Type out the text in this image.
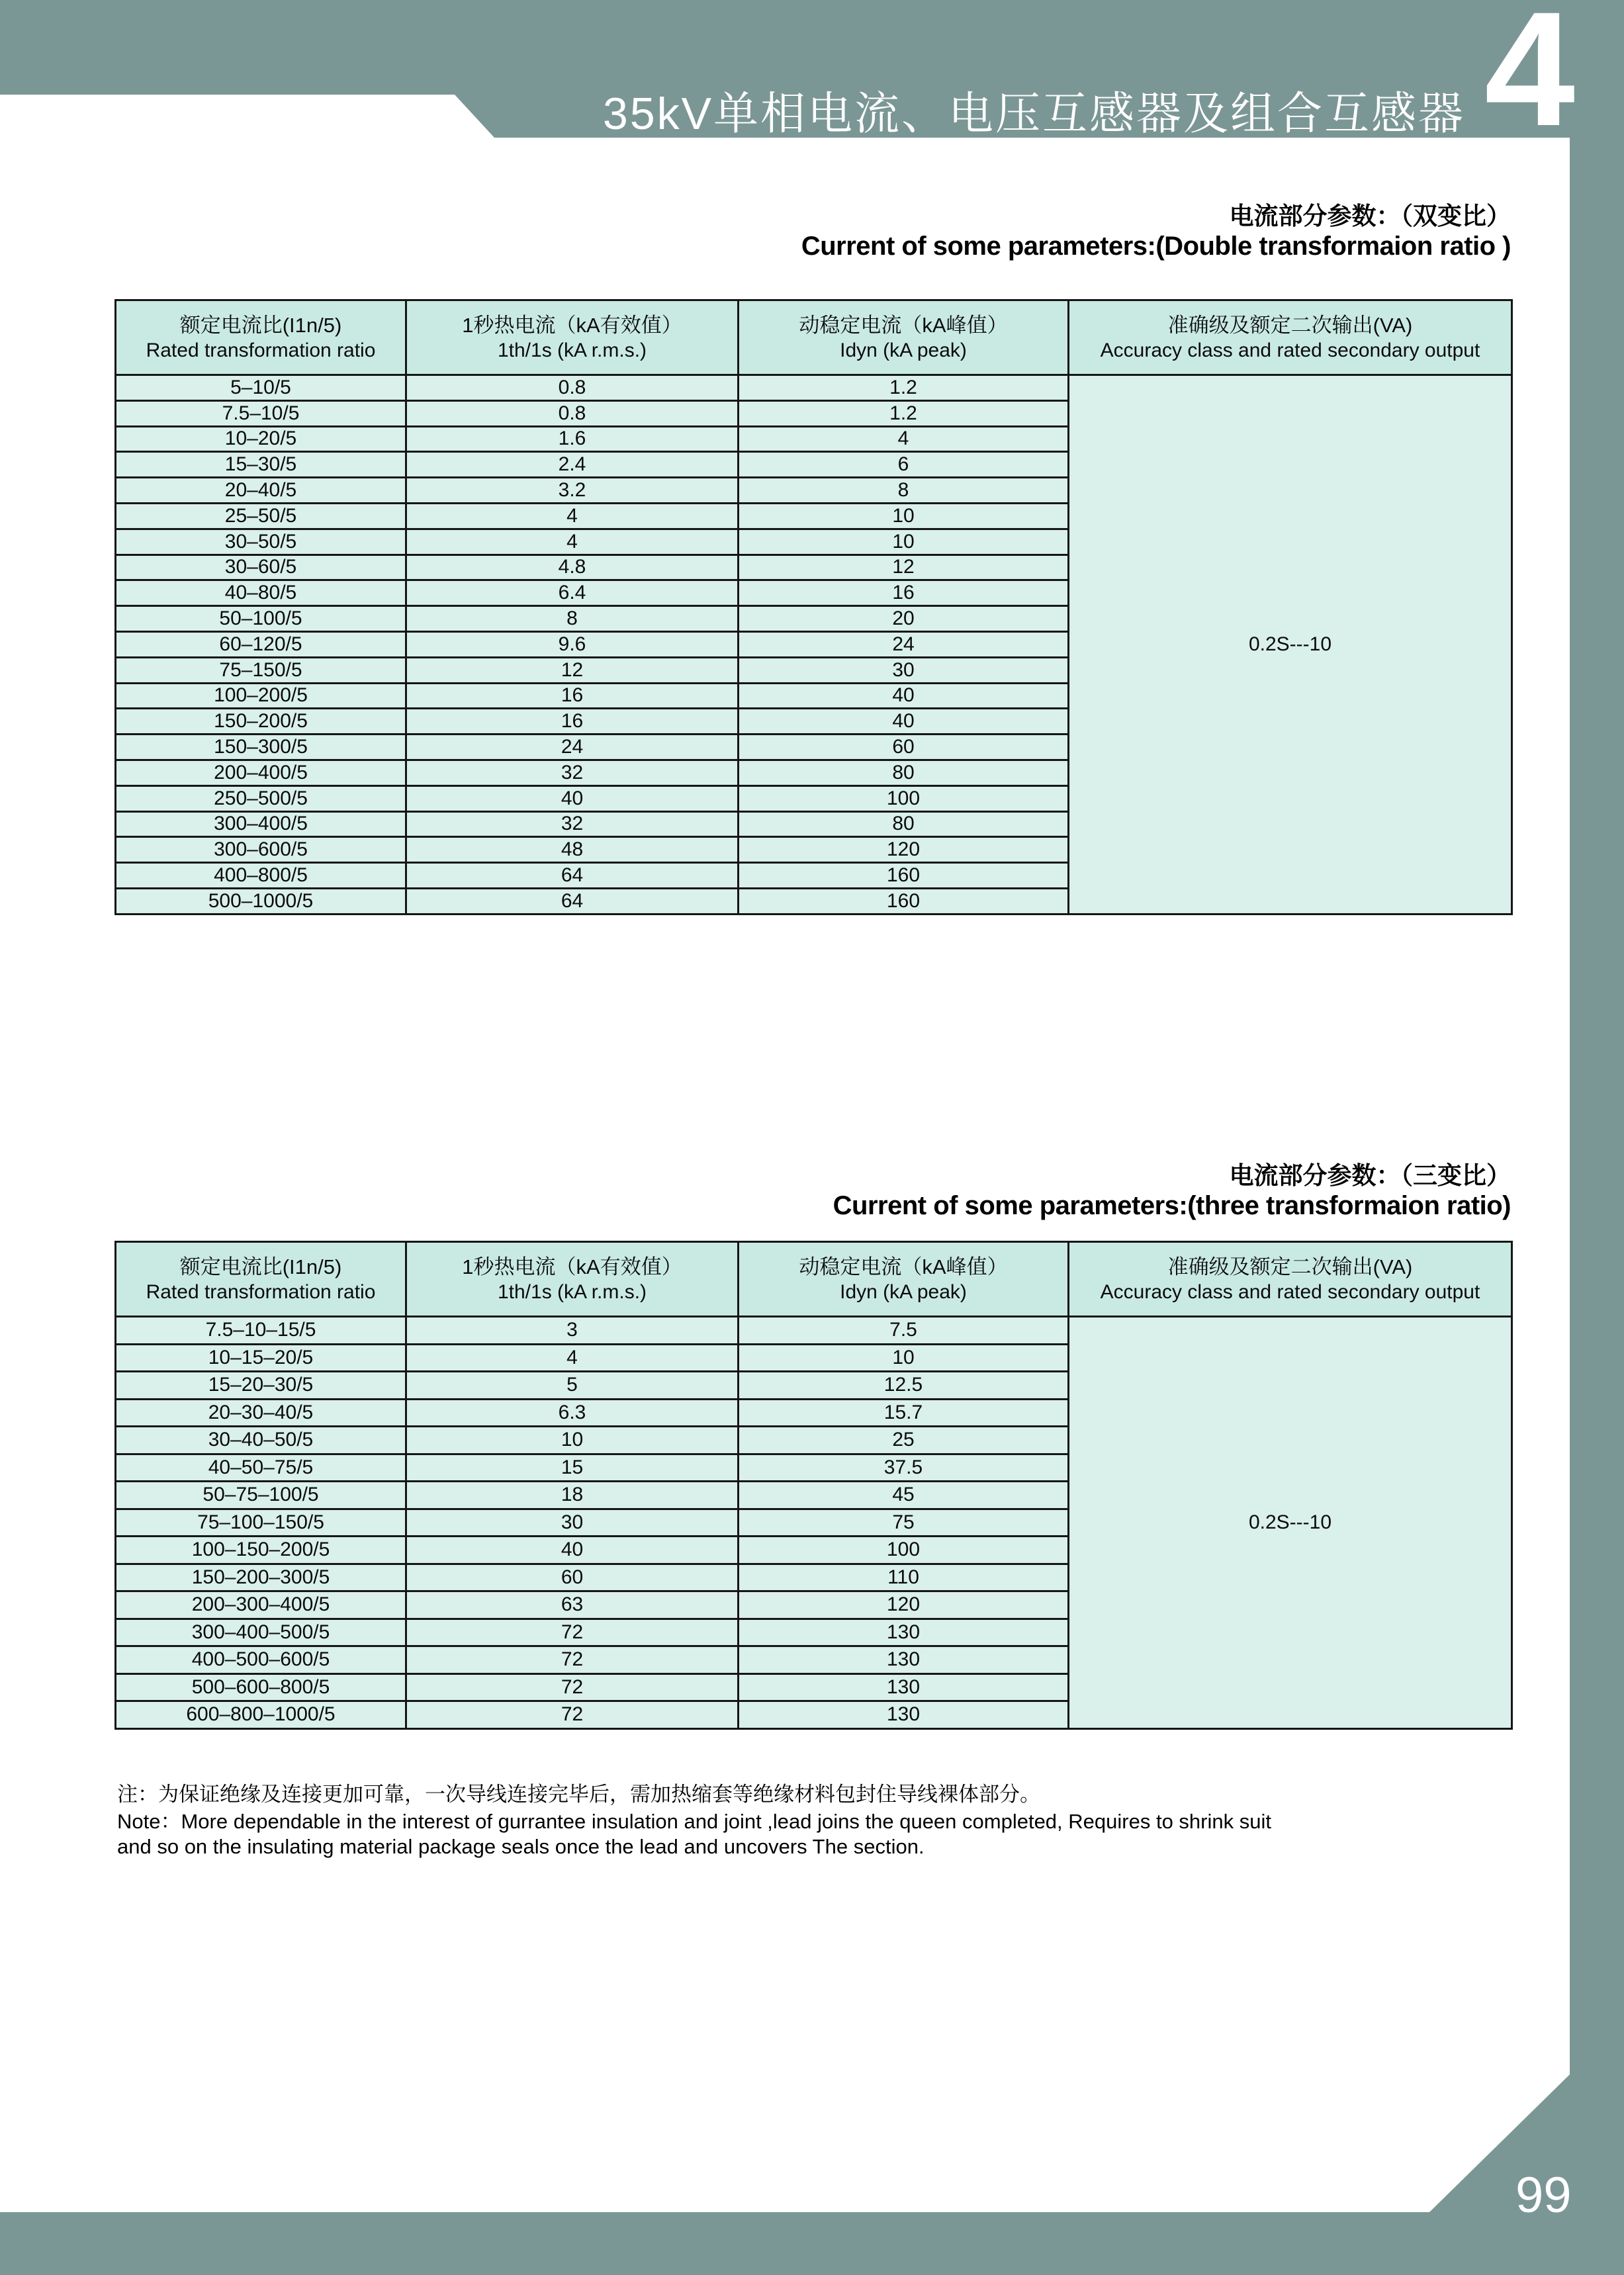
35kV单相电流、电压互感器及组合互感器 4
电流部分参数：（双变比）
Current of some parameters:(Double transformaion ratio )
额定电流比(I1n/5)
Rated transformation ratio

1秒热电流（kA有效值）
1th/1s (kA r.m.s.)

动稳定电流（kA峰值）
Idyn (kA peak)

准确级及额定二次输出(VA)
Accuracy class and rated secondary output

5–10/5	0.8	1.2	0.2S---10
7.5–10/5	0.8	1.2	
10–20/5	1.6	4	
15–30/5	2.4	6	
20–40/5	3.2	8	
25–50/5	4	10	
30–50/5	4	10	
30–60/5	4.8	12	
40–80/5	6.4	16	
50–100/5	8	20	
60–120/5	9.6	24	
75–150/5	12	30	
100–200/5	16	40	
150–200/5	16	40	
150–300/5	24	60	
200–400/5	32	80	
250–500/5	40	100	
300–400/5	32	80	
300–600/5	48	120	
400–800/5	64	160	
500–1000/5	64	160	
电流部分参数：（三变比）
Current of some parameters:(three transformaion ratio)
额定电流比(I1n/5)
Rated transformation ratio

1秒热电流（kA有效值）
1th/1s (kA r.m.s.)

动稳定电流（kA峰值）
Idyn (kA peak)

准确级及额定二次输出(VA)
Accuracy class and rated secondary output

7.5–10–15/5	3	7.5	0.2S---10
10–15–20/5	4	10	
15–20–30/5	5	12.5	
20–30–40/5	6.3	15.7	
30–40–50/5	10	25	
40–50–75/5	15	37.5	
50–75–100/5	18	45	
75–100–150/5	30	75	
100–150–200/5	40	100	
150–200–300/5	60	110	
200–300–400/5	63	120	
300–400–500/5	72	130	
400–500–600/5	72	130	
500–600–800/5	72	130	
600–800–1000/5	72	130	
注：为保证绝缘及连接更加可靠，一次导线连接完毕后，需加热缩套等绝缘材料包封住导线裸体部分。
Note：More dependable in the interest of gurrantee insulation and joint ,lead joins the queen completed, Requires to shrink suit
and so on the insulating material package seals once the lead and uncovers The section.
99
